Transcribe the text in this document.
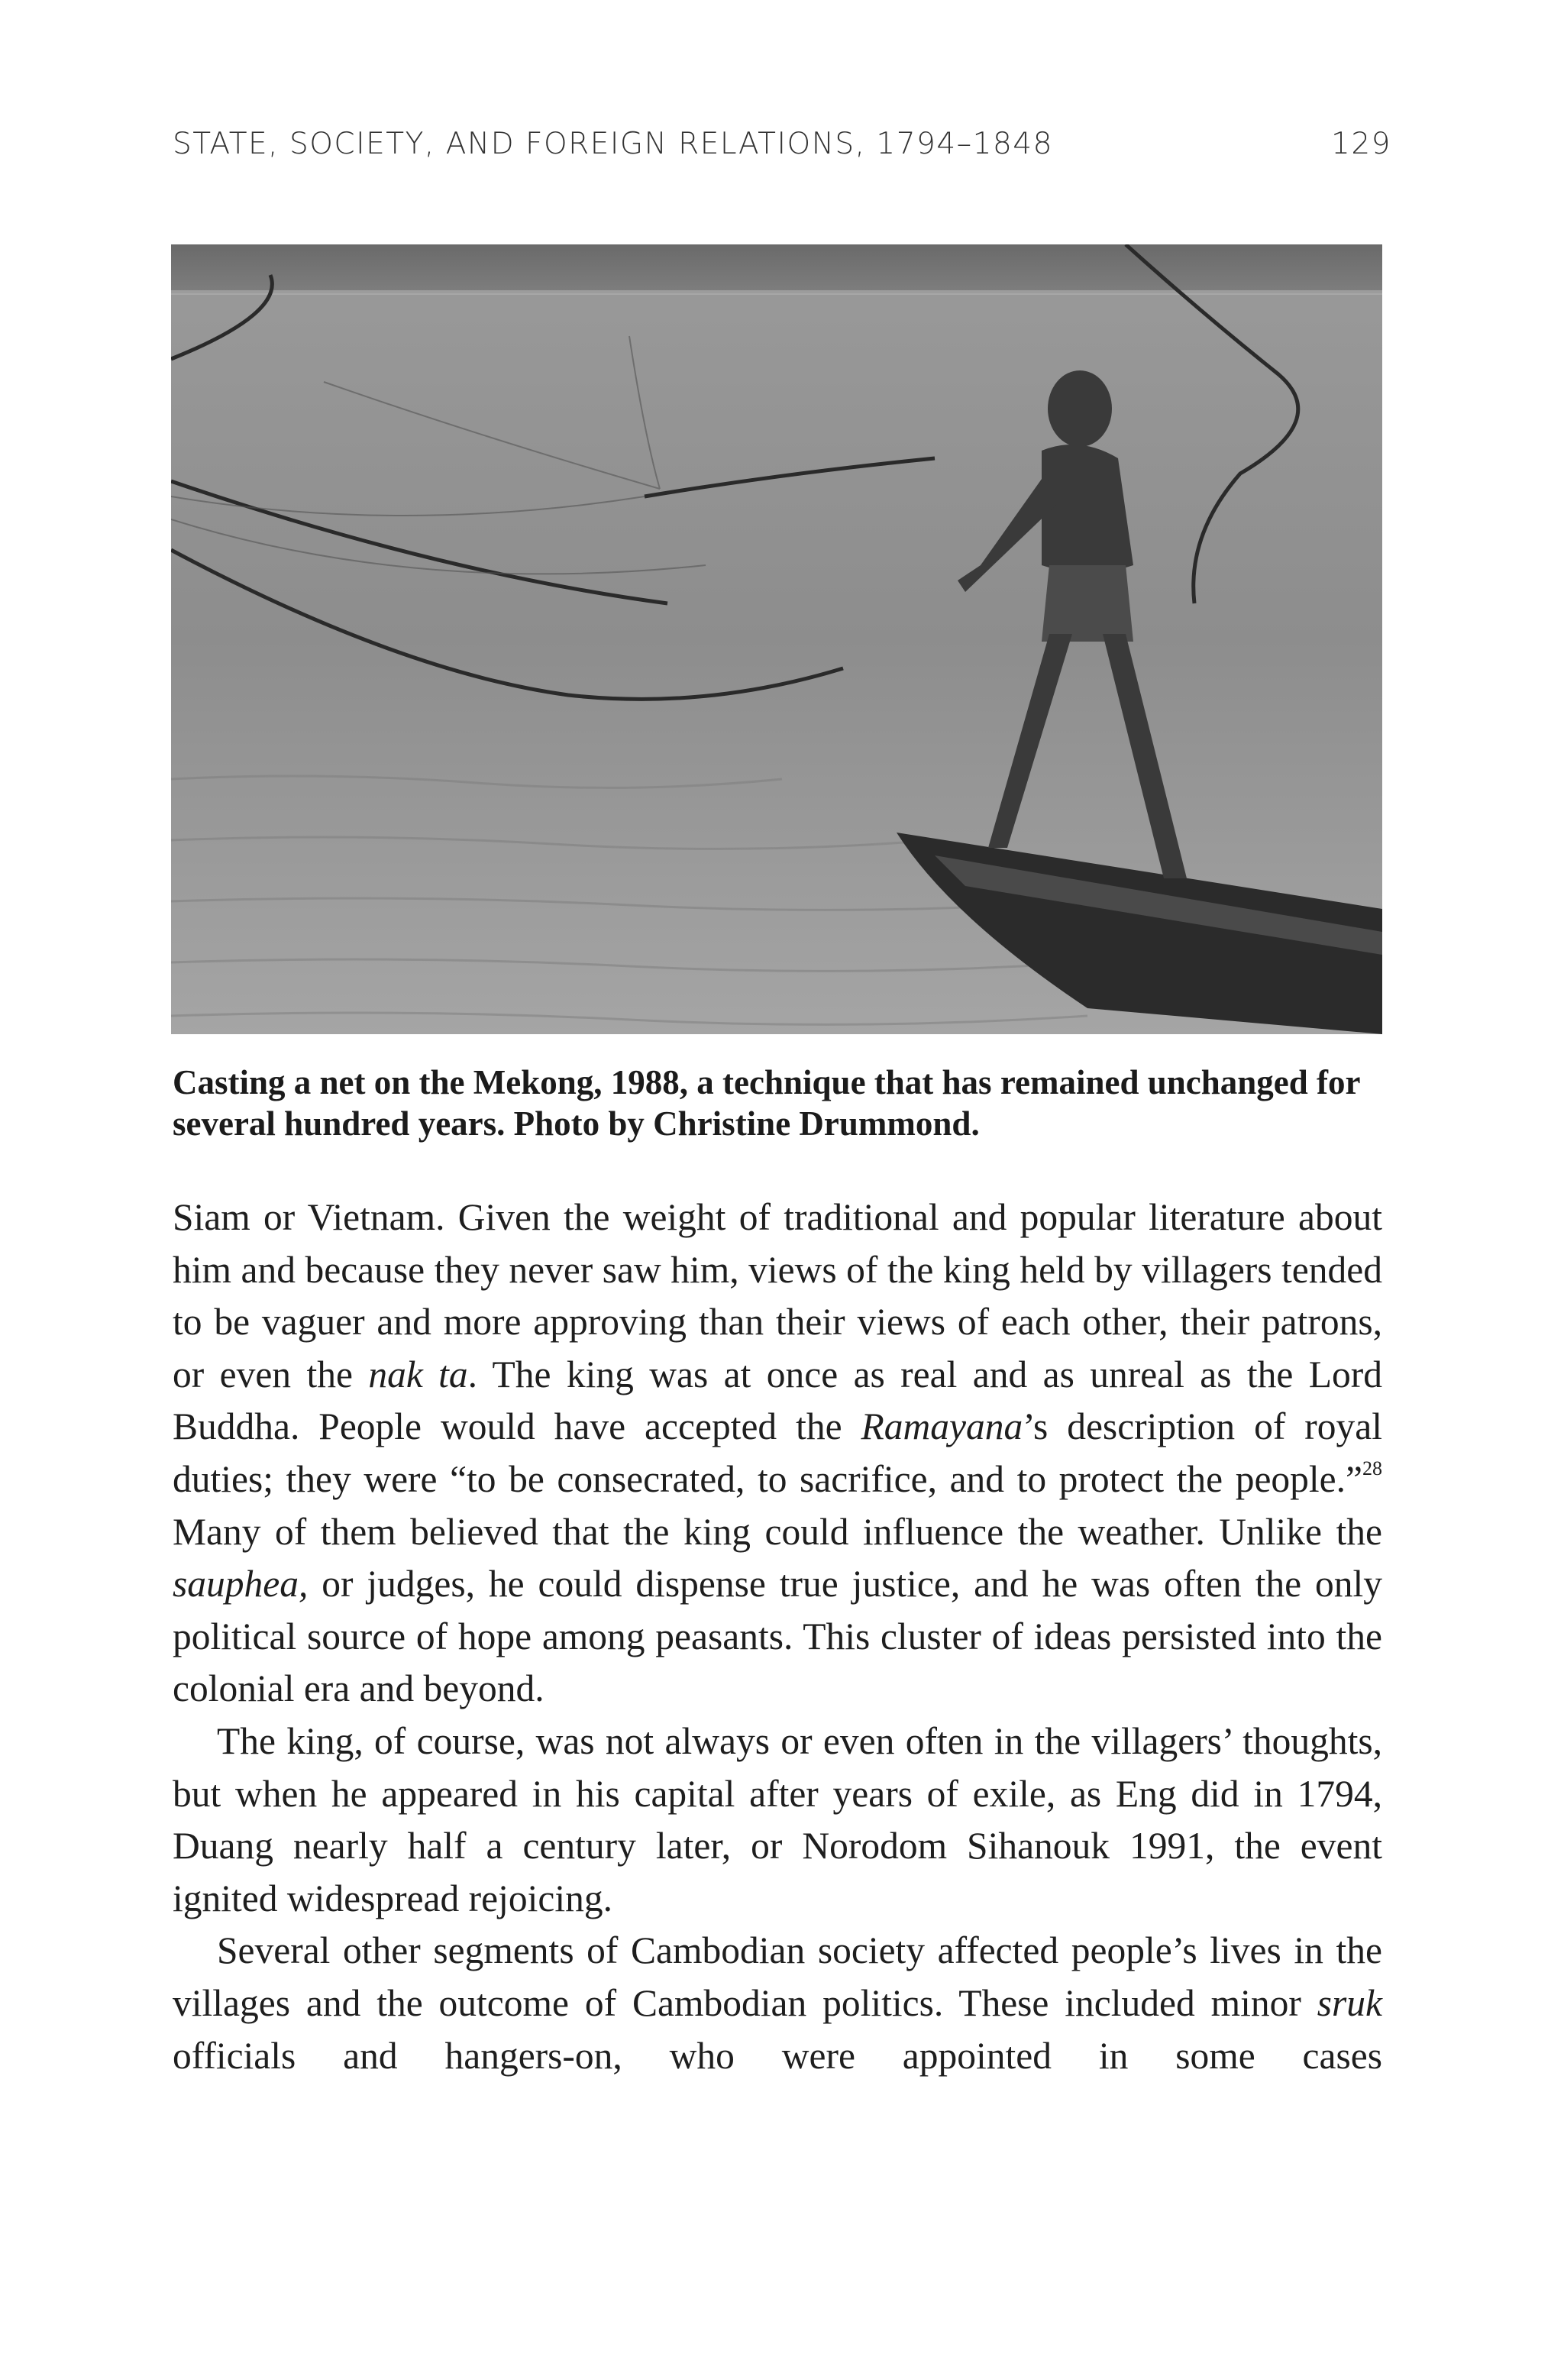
STATE, SOCIETY, AND FOREIGN RELATIONS, 1794–1848	129
Casting a net on the Mekong, 1988, a technique that has remained unchanged for several hundred years. Photo by Christine Drummond.

Siam or Vietnam. Given the weight of traditional and popular literature about him and because they never saw him, views of the king held by villagers tended to be vaguer and more approving than their views of each other, their patrons, or even the nak ta. The king was at once as real and as unreal as the Lord Buddha. People would have accepted the Ramayana’s description of royal duties; they were “to be consecrated, to sacrifice, and to protect the people.”$^{28}$ Many of them believed that the king could influence the weather. Unlike the sauphea, or judges, he could dispense true justice, and he was often the only political source of hope among peasants. This cluster of ideas persisted into the colonial era and beyond.

The king, of course, was not always or even often in the villagers’ thoughts, but when he appeared in his capital after years of exile, as Eng did in 1794, Duang nearly half a century later, or Norodom Sihanouk 1991, the event ignited widespread rejoicing.

Several other segments of Cambodian society affected people’s lives in the villages and the outcome of Cambodian politics. These included minor sruk officials and hangers-on, who were appointed in some cases
